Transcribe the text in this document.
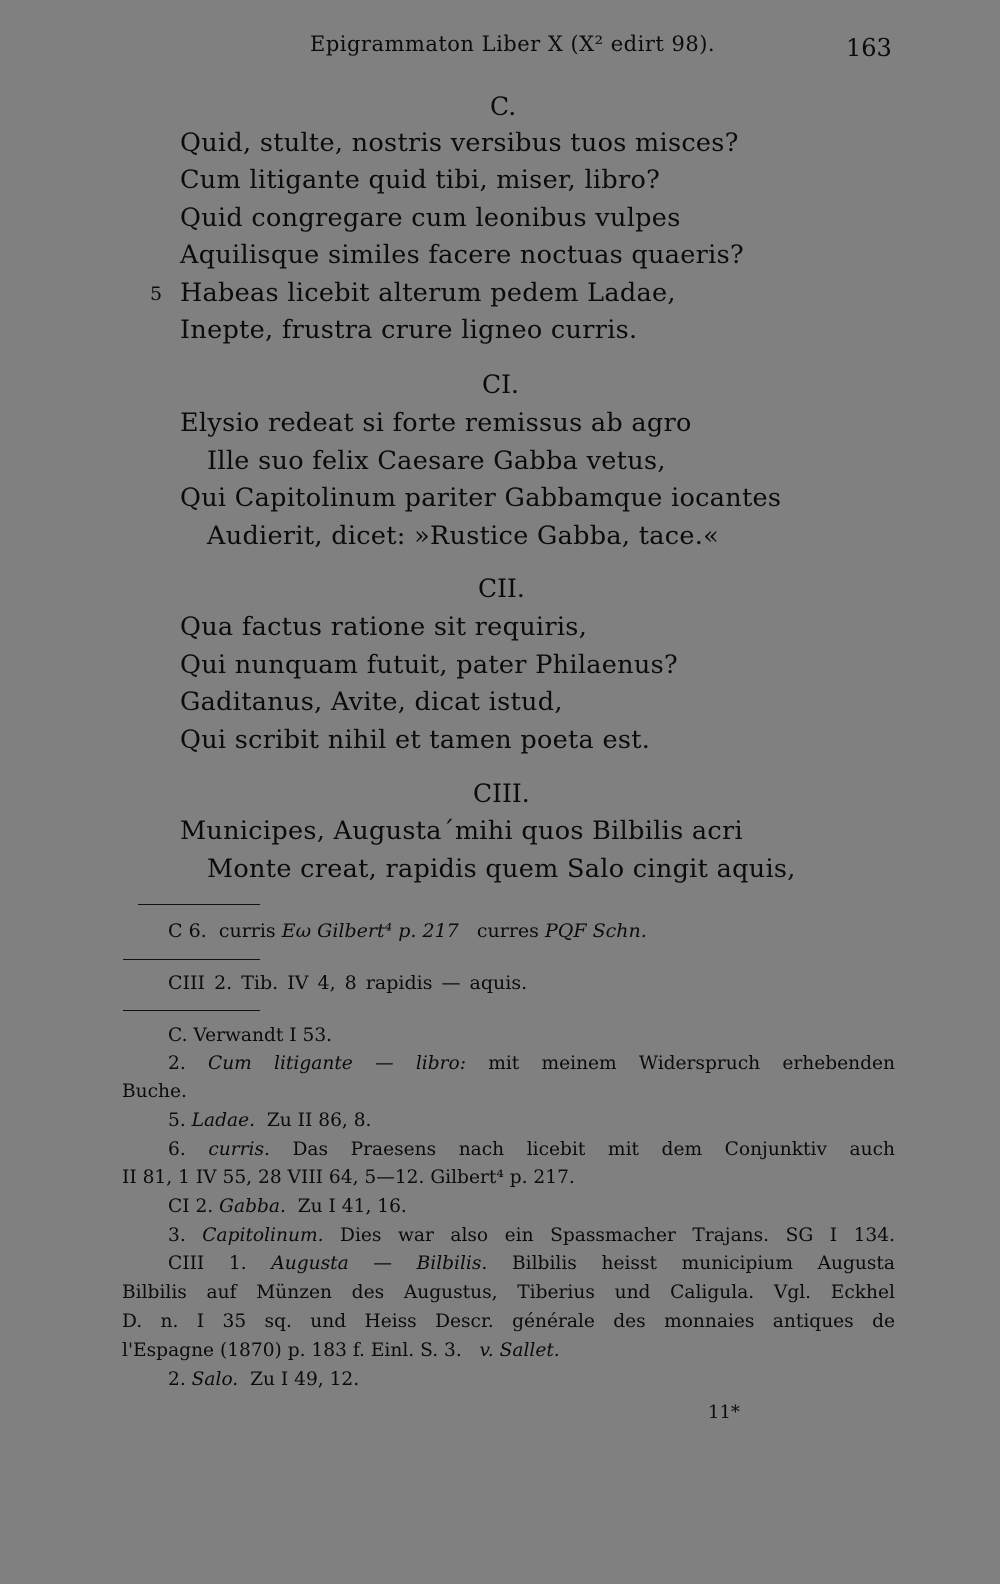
Epigrammaton Liber X (X² edirt 98).	163
C.
Quid, stulte, nostris versibus tuos misces?
Cum litigante quid tibi, miser, libro?
Quid congregare cum leonibus vulpes
Aquilisque similes facere noctuas quaeris?
5 Habeas licebit alterum pedem Ladae,
Inepte, frustra crure ligneo curris.
CI.
Elysio redeat si forte remissus ab agro
Ille suo felix Caesare Gabba vetus,
Qui Capitolinum pariter Gabbamque iocantes
Audierit, dicet: »Rustice Gabba, tace.«
CII.
Qua factus ratione sit requiris,
Qui nunquam futuit, pater Philaenus?
Gaditanus, Avite, dicat istud,
Qui scribit nihil et tamen poeta est.
CIII.
Municipes, Augusta´mihi quos Bilbilis acri
Monte creat, rapidis quem Salo cingit aquis,
C 6. curris Eω Gilbert⁴ p. 217 curres PQF Schn.
CIII 2. Tib. IV 4, 8 rapidis — aquis.
C. Verwandt I 53.
2. Cum litigante — libro: mit meinem Widerspruch erhebenden
Buche.
5. Ladae. Zu II 86, 8.
6. curris. Das Praesens nach licebit mit dem Conjunktiv auch
II 81, 1 IV 55, 28 VIII 64, 5—12. Gilbert⁴ p. 217.
CI 2. Gabba. Zu I 41, 16.
3. Capitolinum. Dies war also ein Spassmacher Trajans. SG I 134.
CIII 1. Augusta — Bilbilis. Bilbilis heisst municipium Augusta
Bilbilis auf Münzen des Augustus, Tiberius und Caligula. Vgl. Eckhel
D. n. I 35 sq. und Heiss Descr. générale des monnaies antiques de
l'Espagne (1870) p. 183 f. Einl. S. 3. v. Sallet.
2. Salo. Zu I 49, 12.
11*
